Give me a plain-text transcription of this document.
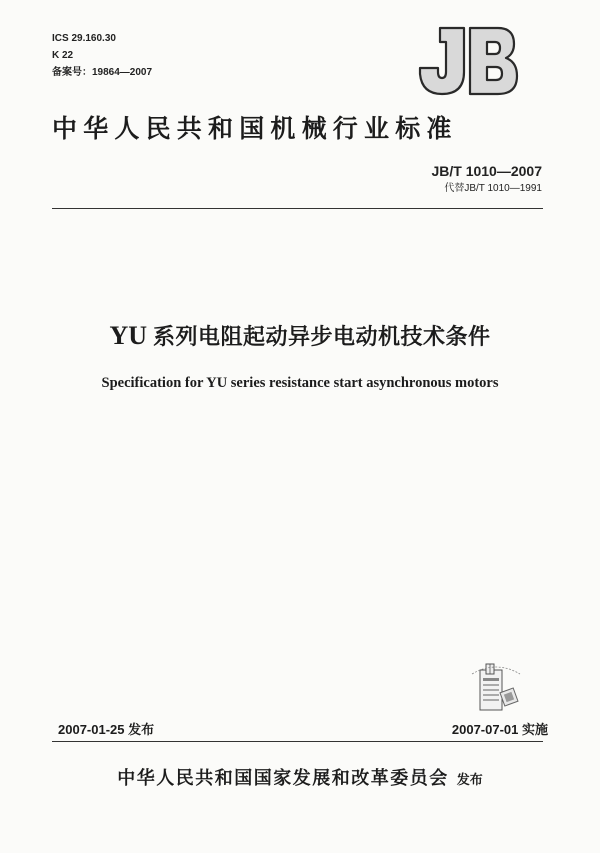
ICS 29.160.30
K 22
备案号：19864—2007
中华人民共和国机械行业标准
JB/T 1010—2007
代替JB/T 1010—1991
YU 系列电阻起动异步电动机技术条件
Specification for YU series resistance start asynchronous motors
2007-01-25 发布	2007-07-01 实施
中华人民共和国国家发展和改革委员会 发布
